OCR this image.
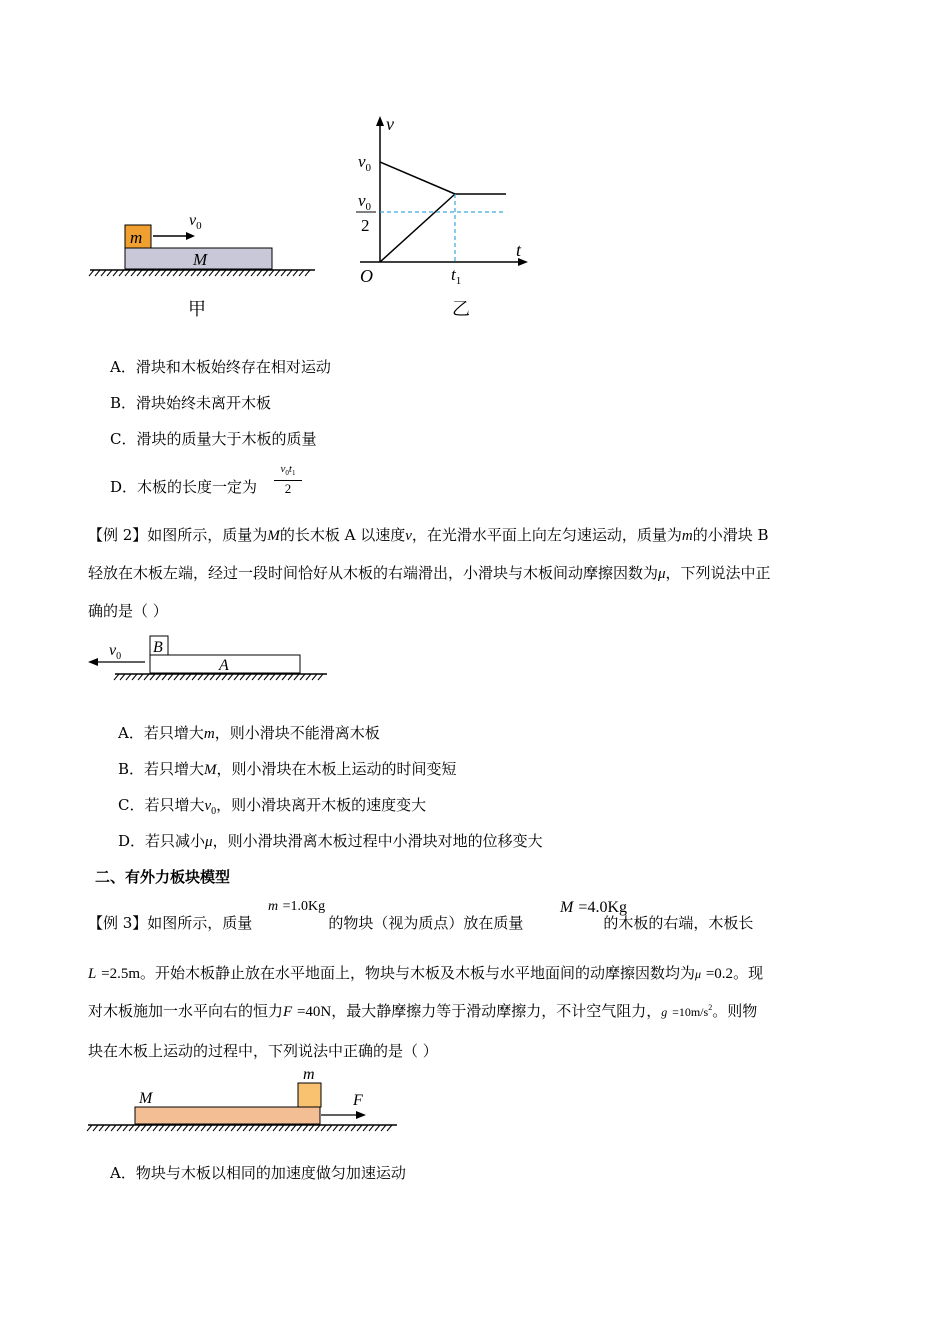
m
M
$v_0$
甲
v
t
O
$v_0$
$v_0$
2
$t_1$
乙
A．滑块和木板始终存在相对运动
B．滑块始终未离开木板
C．滑块的质量大于木板的质量
D．木板的长度一定为
$v_0t_1$
2
【例 2】如图所示，质量为M的长木板 A 以速度v，在光滑水平面上向左匀速运动，质量为m的小滑块 B
轻放在木板左端，经过一段时间恰好从木板的右端滑出，小滑块与木板间动摩擦因数为μ，下列说法中正
确的是（ ）
B
A
$v_0$
A．若只增大m，则小滑块不能滑离木板
B．若只增大M，则小滑块在木板上运动的时间变短
C．若只增大$v_0$，则小滑块离开木板的速度变大
D．若只减小μ，则小滑块滑离木板过程中小滑块对地的位移变大
二、有外力板块模型
m =1.0Kg	M =4.0Kg
【例 3】如图所示，质量	的物块（视为质点）放在质量	的木板的右端，木板长
L =2.5m。开始木板静止放在水平地面上，物块与木板及木板与水平地面间的动摩擦因数均为μ =0.2。现
对木板施加一水平向右的恒力F =40N，最大静摩擦力等于滑动摩擦力，不计空气阻力，$g =10m/s^2$。则物
块在木板上运动的过程中，下列说法中正确的是（ ）
M
m
F
A．物块与木板以相同的加速度做匀加速运动
